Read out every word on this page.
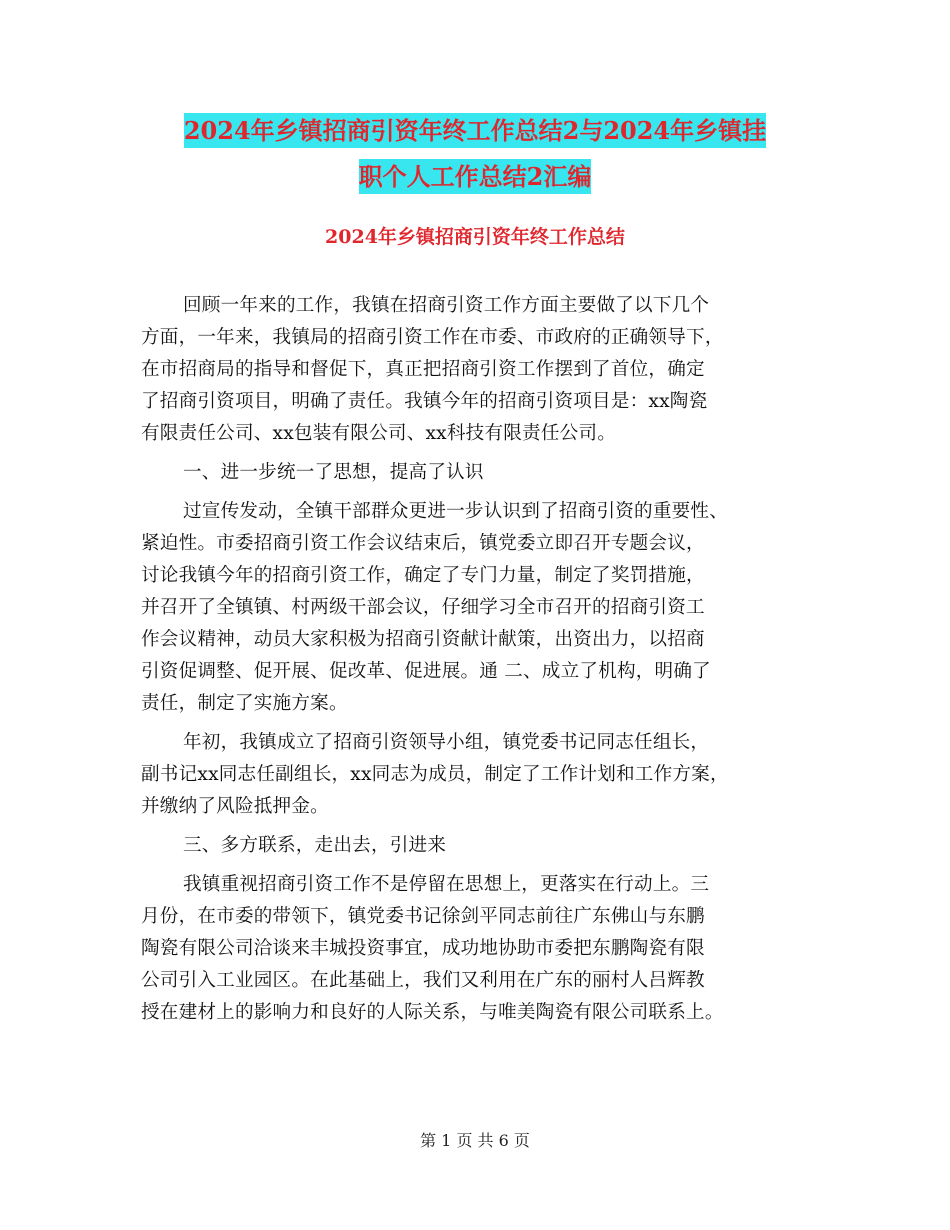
2024年乡镇招商引资年终工作总结2与2024年乡镇挂
职个人工作总结2汇编
2024年乡镇招商引资年终工作总结
回顾一年来的工作，我镇在招商引资工作方面主要做了以下几个
方面，一年来，我镇局的招商引资工作在市委、市政府的正确领导下，
在市招商局的指导和督促下，真正把招商引资工作摆到了首位，确定
了招商引资项目，明确了责任。我镇今年的招商引资项目是：xx陶瓷
有限责任公司、xx包装有限公司、xx科技有限责任公司。
一、进一步统一了思想，提高了认识
过宣传发动，全镇干部群众更进一步认识到了招商引资的重要性、
紧迫性。市委招商引资工作会议结束后，镇党委立即召开专题会议，
讨论我镇今年的招商引资工作，确定了专门力量，制定了奖罚措施，
并召开了全镇镇、村两级干部会议，仔细学习全市召开的招商引资工
作会议精神，动员大家积极为招商引资献计献策，出资出力，以招商
引资促调整、促开展、促改革、促进展。通 二、成立了机构，明确了
责任，制定了实施方案。
年初，我镇成立了招商引资领导小组，镇党委书记同志任组长，
副书记xx同志任副组长，xx同志为成员，制定了工作计划和工作方案，
并缴纳了风险抵押金。
三、多方联系，走出去，引进来
我镇重视招商引资工作不是停留在思想上，更落实在行动上。三
月份，在市委的带领下，镇党委书记徐剑平同志前往广东佛山与东鹏
陶瓷有限公司洽谈来丰城投资事宜，成功地协助市委把东鹏陶瓷有限
公司引入工业园区。在此基础上，我们又利用在广东的丽村人吕辉教
授在建材上的影响力和良好的人际关系，与唯美陶瓷有限公司联系上。
第 1 页 共 6 页
